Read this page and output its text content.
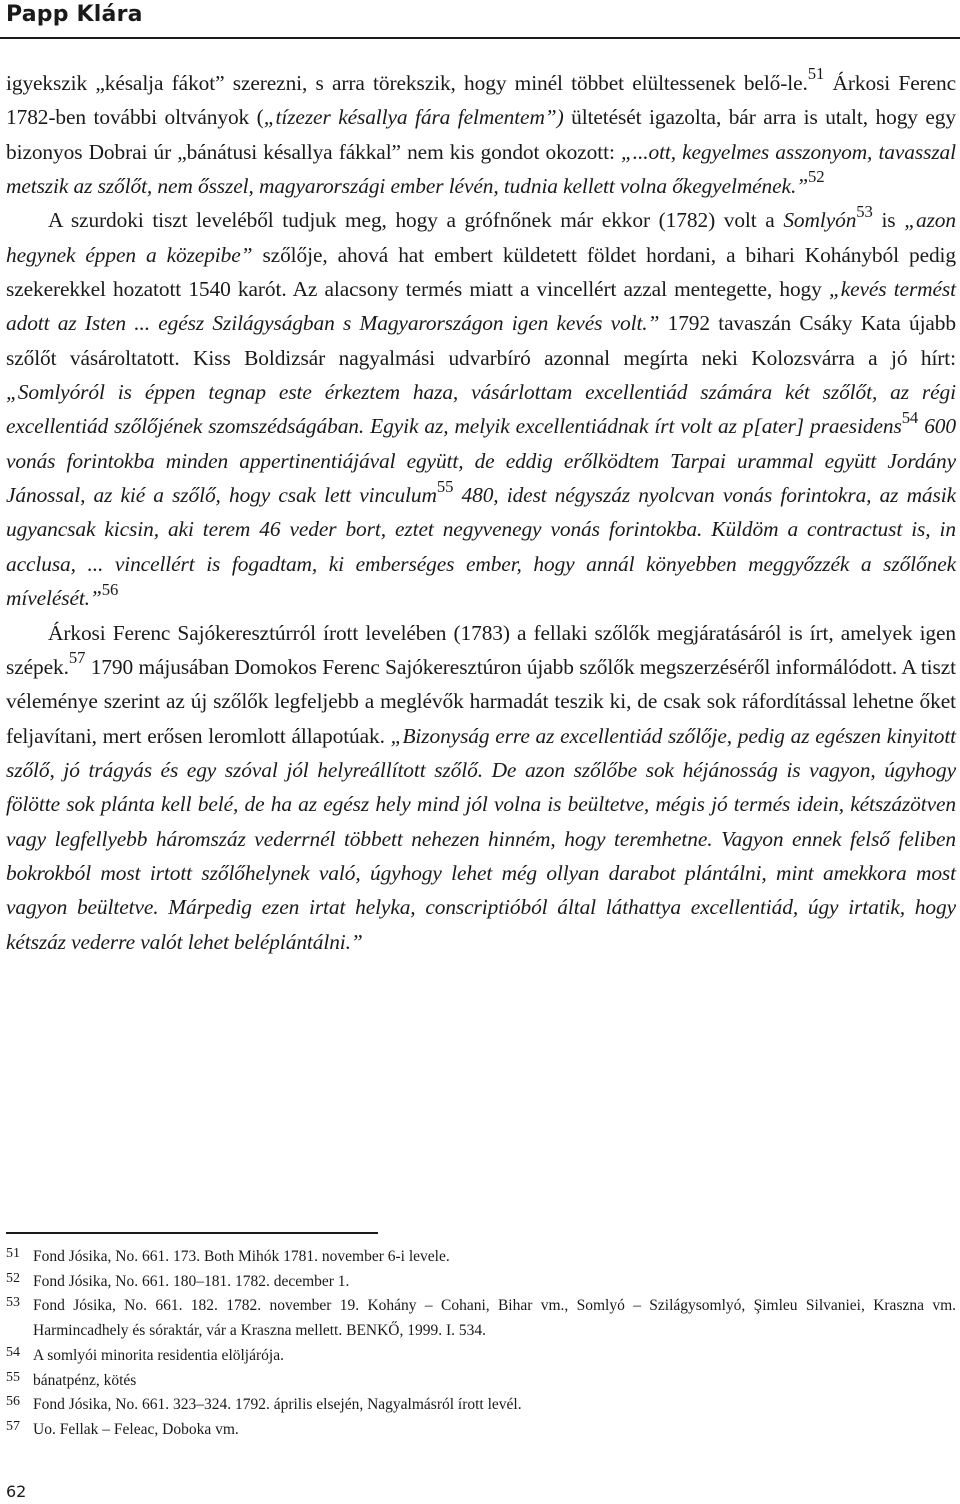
Papp Klára

igyekszik „késalja fákot” szerezni, s arra törekszik, hogy minél többet elültessenek belő-le.$^{51}$ Árkosi Ferenc 1782-ben további oltványok („tízezer késallya fára felmentem”) ültetését igazolta, bár arra is utalt, hogy egy bizonyos Dobrai úr „bánátusi késallya fákkal” nem kis gondot okozott: „...ott, kegyelmes asszonyom, tavasszal metszik az szőlőt, nem ősszel, magyarországi ember lévén, tudnia kellett volna őkegyelmének.”$^{52}$

A szurdoki tiszt leveléből tudjuk meg, hogy a grófnőnek már ekkor (1782) volt a Somlyón$^{53}$ is „azon hegynek éppen a közepibe” szőlője, ahová hat embert küldetett földet hordani, a bihari Kohányból pedig szekerekkel hozatott 1540 karót. Az alacsony termés miatt a vincellért azzal mentegette, hogy „kevés termést adott az Isten ... egész Szilágyságban s Magyarországon igen kevés volt.” 1792 tavaszán Csáky Kata újabb szőlőt vásároltatott. Kiss Boldizsár nagyalmási udvarbíró azonnal megírta neki Kolozsvárra a jó hírt: „Somlyóról is éppen tegnap este érkeztem haza, vásárlottam excellentiád számára két szőlőt, az régi excellentiád szőlőjének szomszédságában. Egyik az, melyik excellentiádnak írt volt az p[ater] praesidens$^{54}$ 600 vonás forintokba minden appertinentiájával együtt, de eddig erőlködtem Tarpai urammal együtt Jordány Jánossal, az kié a szőlő, hogy csak lett vinculum$^{55}$ 480, idest négyszáz nyolcvan vonás forintokra, az másik ugyancsak kicsin, aki terem 46 veder bort, eztet negyvenegy vonás forintokba. Küldöm a contractust is, in acclusa, ... vincellért is fogadtam, ki emberséges ember, hogy annál könyebben meggyőzzék a szőlőnek mívelését.”$^{56}$

Árkosi Ferenc Sajókeresztúrról írott levelében (1783) a fellaki szőlők megjáratásáról is írt, amelyek igen szépek.$^{57}$ 1790 májusában Domokos Ferenc Sajókeresztúron újabb szőlők megszerzéséről informálódott. A tiszt véleménye szerint az új szőlők legfeljebb a meglévők harmadát teszik ki, de csak sok ráfordítással lehetne őket feljavítani, mert erősen leromlott állapotúak. „Bizonyság erre az excellentiád szőlője, pedig az egészen kinyitott szőlő, jó trágyás és egy szóval jól helyreállított szőlő. De azon szőlőbe sok héjánosság is vagyon, úgyhogy fölötte sok plánta kell belé, de ha az egész hely mind jól volna is beültetve, mégis jó termés idein, kétszázötven vagy legfellyebb háromszáz vederrnél többett nehezen hinném, hogy teremhetne. Vagyon ennek felső feliben bokrokból most irtott szőlőhelynek való, úgyhogy lehet még ollyan darabot plántálni, mint amekkora most vagyon beültetve. Márpedig ezen irtat helyka, conscriptióból által láthattya excellentiád, úgy irtatik, hogy kétszáz vederre valót lehet beléplántálni.”

51 Fond Jósika, No. 661. 173. Both Mihók 1781. november 6-i levele.
52 Fond Jósika, No. 661. 180–181. 1782. december 1.
53 Fond Jósika, No. 661. 182. 1782. november 19. Kohány – Cohani, Bihar vm., Somlyó – Szilágysomlyó, Şimleu Silvaniei, Kraszna vm. Harmincadhely és sóraktár, vár a Kraszna mellett. BENKŐ, 1999. I. 534.
54 A somlyói minorita residentia elöljárója.
55 bánatpénz, kötés
56 Fond Jósika, No. 661. 323–324. 1792. április elsején, Nagyalmásról írott levél.
57 Uo. Fellak – Feleac, Doboka vm.
62
